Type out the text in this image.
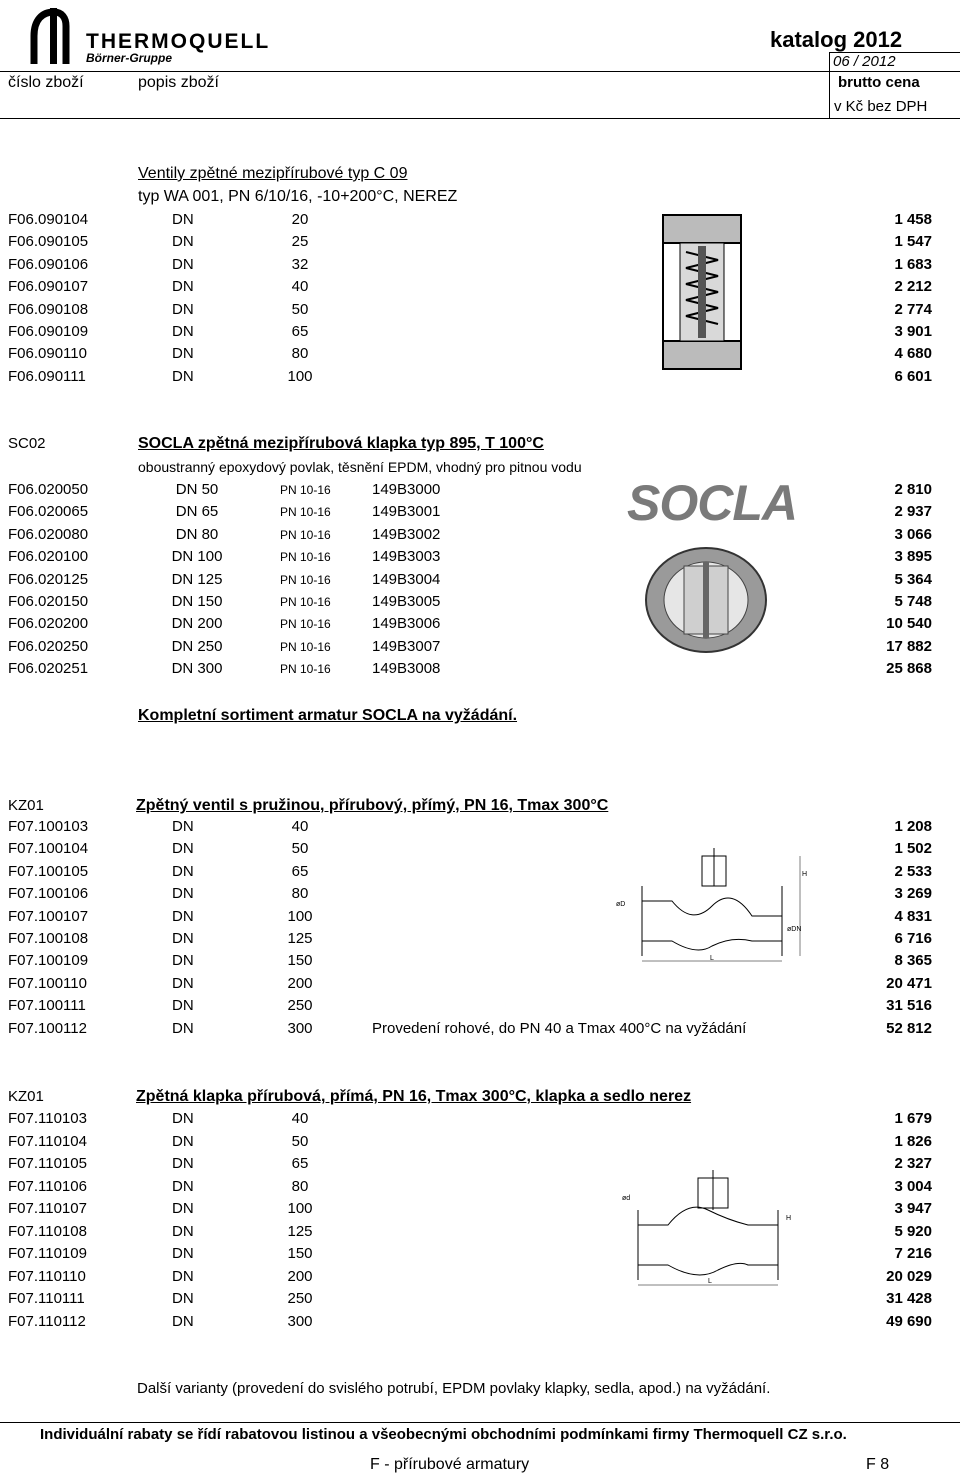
THERMOQUELL
Börner-Gruppe
katalog 2012
06 / 2012
číslo zboží	popis zboží	brutto cena
v Kč bez DPH
Ventily zpětné mezipřírubové typ C 09
typ WA 001, PN 6/10/16, -10+200°C, NEREZ
F06.090104	DN	20	1 458
F06.090105	DN	25	1 547
F06.090106	DN	32	1 683
F06.090107	DN	40	2 212
F06.090108	DN	50	2 774
F06.090109	DN	65	3 901
F06.090110	DN	80	4 680
F06.090111	DN	100	6 601
SC02	SOCLA zpětná mezipřírubová klapka typ 895, T 100°C
oboustranný epoxydový povlak, těsnění EPDM, vhodný pro pitnou vodu
F06.020050	DN 50	PN 10-16	149B3000	2 810
F06.020065	DN 65	PN 10-16	149B3001	2 937
F06.020080	DN 80	PN 10-16	149B3002	3 066
F06.020100	DN 100	PN 10-16	149B3003	3 895
F06.020125	DN 125	PN 10-16	149B3004	5 364
F06.020150	DN 150	PN 10-16	149B3005	5 748
F06.020200	DN 200	PN 10-16	149B3006	10 540
F06.020250	DN 250	PN 10-16	149B3007	17 882
F06.020251	DN 300	PN 10-16	149B3008	25 868
SOCLA
Kompletní sortiment armatur SOCLA na vyžádání.
KZ01	Zpětný ventil s pružinou, přírubový, přímý, PN 16, Tmax 300°C
F07.100103	DN	40	1 208
F07.100104	DN	50	1 502
F07.100105	DN	65	2 533
F07.100106	DN	80	3 269
F07.100107	DN	100	4 831
F07.100108	DN	125	6 716
F07.100109	DN	150	8 365
F07.100110	DN	200	20 471
F07.100111	DN	250	31 516
F07.100112	DN	300	52 812
Provedení rohové, do PN 40 a Tmax 400°C na vyžádání
L
H
øD
øDN
KZ01	Zpětná klapka přírubová, přímá, PN 16, Tmax 300°C, klapka a sedlo nerez
F07.110103	DN	40	1 679
F07.110104	DN	50	1 826
F07.110105	DN	65	2 327
F07.110106	DN	80	3 004
F07.110107	DN	100	3 947
F07.110108	DN	125	5 920
F07.110109	DN	150	7 216
F07.110110	DN	200	20 029
F07.110111	DN	250	31 428
F07.110112	DN	300	49 690
L
ød
H
Další varianty (provedení do svislého potrubí, EPDM povlaky klapky, sedla, apod.) na vyžádání.
Individuální rabaty se řídí rabatovou listinou a všeobecnými obchodními podmínkami firmy Thermoquell CZ s.r.o.
F - přírubové armatury	F 8
